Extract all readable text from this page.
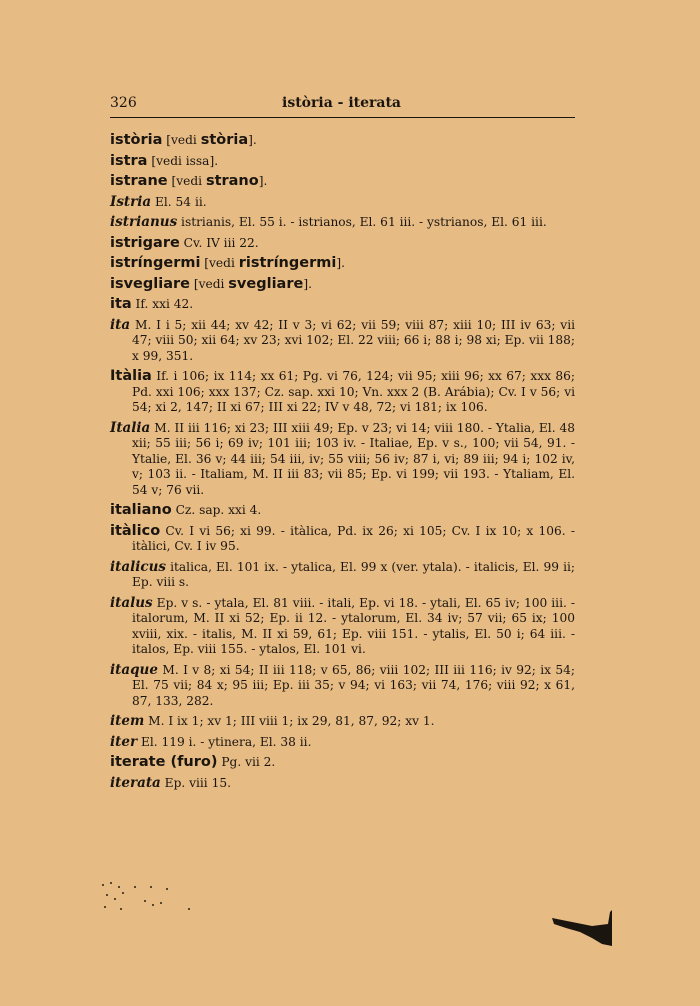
326	istòria - iterata

istòria [vedi stòria].

istra [vedi issa].

istrane [vedi strano].

Istria El. 54 ii.

istrianus istrianis, El. 55 i. - istrianos, El. 61 iii. - ystrianos, El. 61 iii.

istrigare Cv. IV iii 22.

istríngermi [vedi ristríngermi].

isvegliare [vedi svegliare].

ita If. xxi 42.

ita M. I i 5; xii 44; xv 42; II v 3; vi 62; vii 59; viii 87; xiii 10; III iv 63; vii 47; viii 50; xii 64; xv 23; xvi 102; El. 22 viii; 66 i; 88 i; 98 xi; Ep. vii 188; x 99, 351.

Itàlia If. i 106; ix 114; xx 61; Pg. vi 76, 124; vii 95; xiii 96; xx 67; xxx 86; Pd. xxi 106; xxx 137; Cz. sap. xxi 10; Vn. xxx 2 (B. Arábia); Cv. I v 56; vi 54; xi 2, 147; II xi 67; III xi 22; IV v 48, 72; vi 181; ix 106.

Italia M. II iii 116; xi 23; III xiii 49; Ep. v 23; vi 14; viii 180. - Ytalia, El. 48 xii; 55 iii; 56 i; 69 iv; 101 iii; 103 iv. - Italiae, Ep. v s., 100; vii 54, 91. - Ytalie, El. 36 v; 44 iii; 54 iii, iv; 55 viii; 56 iv; 87 i, vi; 89 iii; 94 i; 102 iv, v; 103 ii. - Italiam, M. II iii 83; vii 85; Ep. vi 199; vii 193. - Ytaliam, El. 54 v; 76 vii.

italiano Cz. sap. xxi 4.

itàlico Cv. I vi 56; xi 99. - itàlica, Pd. ix 26; xi 105; Cv. I ix 10; x 106. - itàlici, Cv. I iv 95.

italicus italica, El. 101 ix. - ytalica, El. 99 x (ver. ytala). - italicis, El. 99 ii; Ep. viii s.

italus Ep. v s. - ytala, El. 81 viii. - itali, Ep. vi 18. - ytali, El. 65 iv; 100 iii. - italorum, M. II xi 52; Ep. ii 12. - ytalorum, El. 34 iv; 57 vii; 65 ix; 100 xviii, xix. - italis, M. II xi 59, 61; Ep. viii 151. - ytalis, El. 50 i; 64 iii. - italos, Ep. viii 155. - ytalos, El. 101 vi.

itaque M. I v 8; xi 54; II iii 118; v 65, 86; viii 102; III iii 116; iv 92; ix 54; El. 75 vii; 84 x; 95 iii; Ep. iii 35; v 94; vi 163; vii 74, 176; viii 92; x 61, 87, 133, 282.

item M. I ix 1; xv 1; III viii 1; ix 29, 81, 87, 92; xv 1.

iter El. 119 i. - ytinera, El. 38 ii.

iterate (furo) Pg. vii 2.

iterata Ep. viii 15.
